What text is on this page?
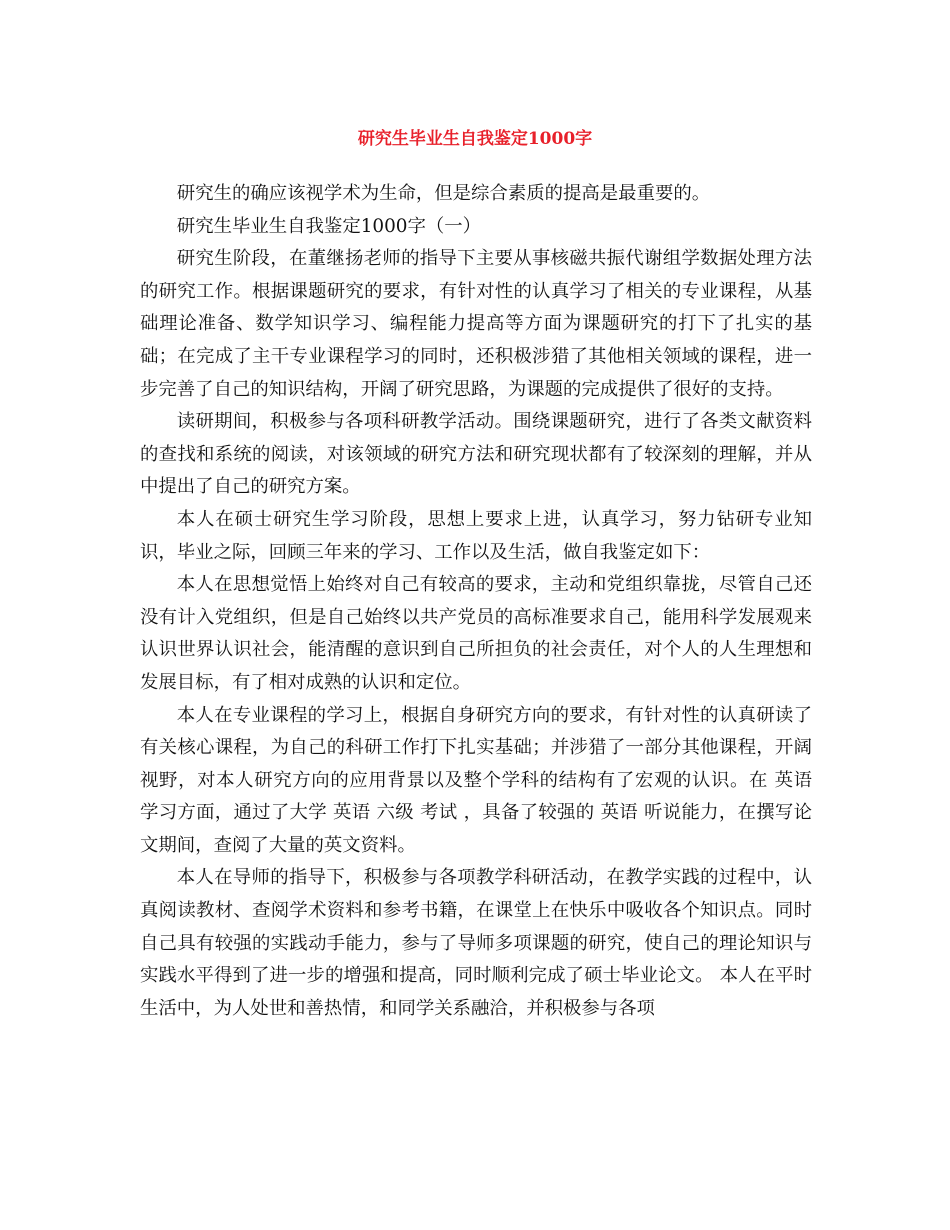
研究生毕业生自我鉴定1000字

研究生的确应该视学术为生命，但是综合素质的提高是最重要的。

研究生毕业生自我鉴定1000字（一）

研究生阶段，在董继扬老师的指导下主要从事核磁共振代谢组学数据处理方法的研究工作。根据课题研究的要求，有针对性的认真学习了相关的专业课程，从基础理论准备、数学知识学习、编程能力提高等方面为课题研究的打下了扎实的基础；在完成了主干专业课程学习的同时，还积极涉猎了其他相关领域的课程，进一步完善了自己的知识结构，开阔了研究思路，为课题的完成提供了很好的支持。

读研期间，积极参与各项科研教学活动。围绕课题研究，进行了各类文献资料的查找和系统的阅读，对该领域的研究方法和研究现状都有了较深刻的理解，并从中提出了自己的研究方案。

本人在硕士研究生学习阶段，思想上要求上进，认真学习，努力钻研专业知识，毕业之际，回顾三年来的学习、工作以及生活，做自我鉴定如下：

本人在思想觉悟上始终对自己有较高的要求，主动和党组织靠拢，尽管自己还没有计入党组织，但是自己始终以共产党员的高标准要求自己，能用科学发展观来认识世界认识社会，能清醒的意识到自己所担负的社会责任，对个人的人生理想和发展目标，有了相对成熟的认识和定位。

本人在专业课程的学习上，根据自身研究方向的要求，有针对性的认真研读了有关核心课程，为自己的科研工作打下扎实基础；并涉猎了一部分其他课程，开阔视野，对本人研究方向的应用背景以及整个学科的结构有了宏观的认识。在 英语 学习方面，通过了大学 英语 六级 考试 ，具备了较强的 英语 听说能力，在撰写论文期间，查阅了大量的英文资料。

本人在导师的指导下，积极参与各项教学科研活动，在教学实践的过程中，认真阅读教材、查阅学术资料和参考书籍，在课堂上在快乐中吸收各个知识点。同时自己具有较强的实践动手能力，参与了导师多项课题的研究，使自己的理论知识与实践水平得到了进一步的增强和提高，同时顺利完成了硕士毕业论文。 本人在平时生活中，为人处世和善热情，和同学关系融洽，并积极参与各项
